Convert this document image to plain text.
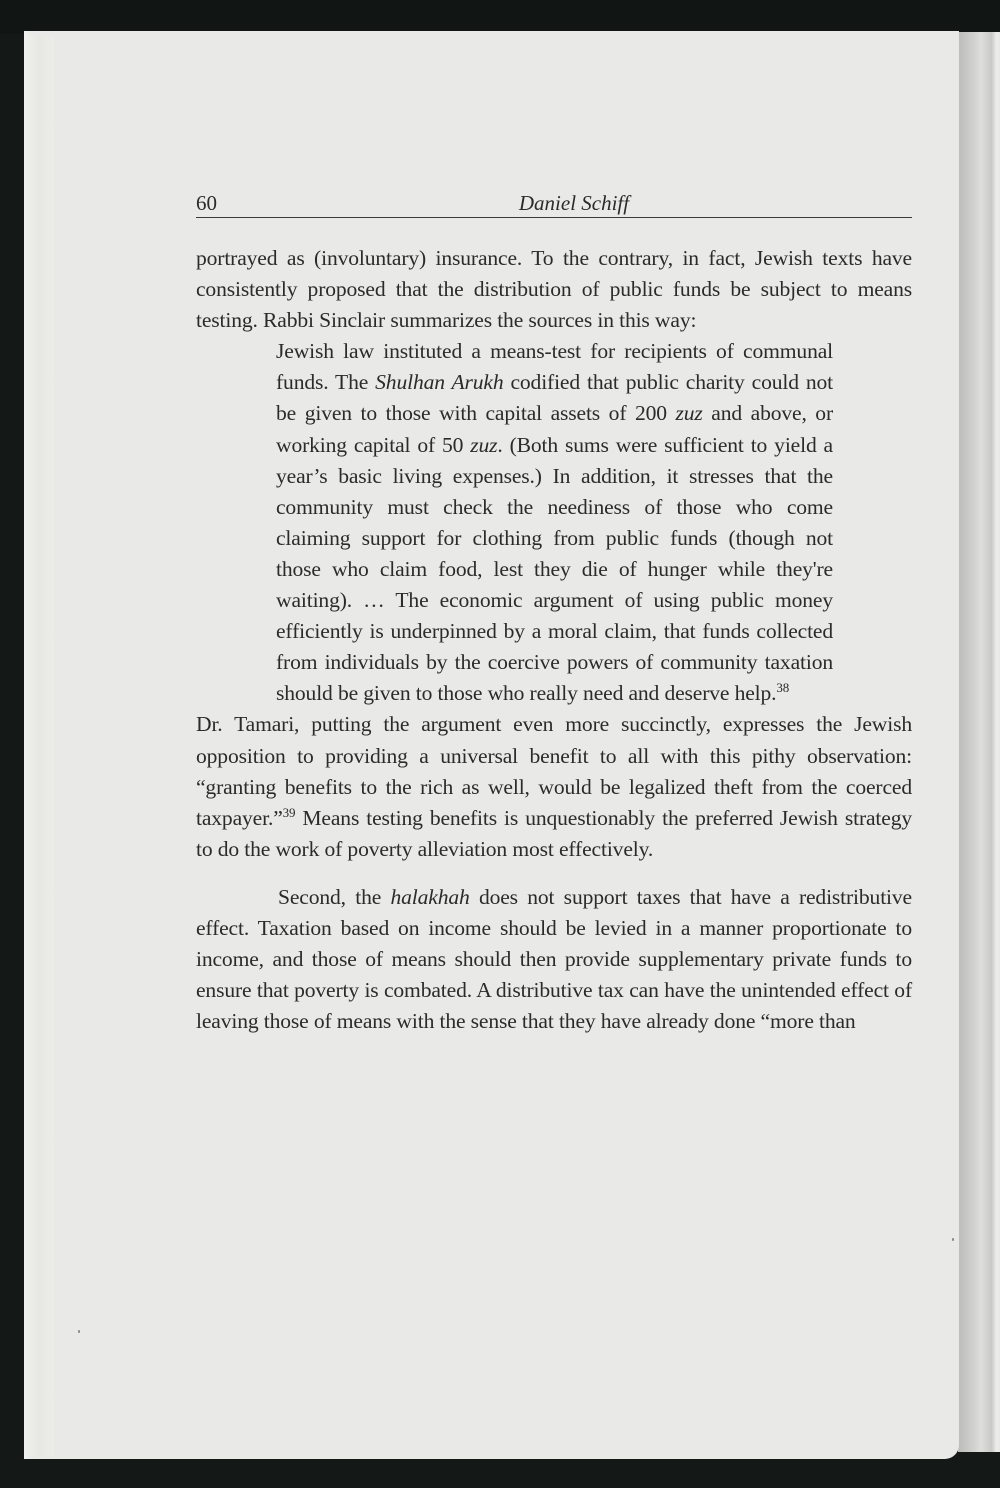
60	Daniel Schiff

portrayed as (involuntary) insurance. To the contrary, in fact, Jewish texts have consistently proposed that the distribution of public funds be subject to means testing. Rabbi Sinclair summarizes the sources in this way:

Jewish law instituted a means-test for recipients of communal funds. The Shulhan Arukh codified that public charity could not be given to those with capital assets of 200 zuz and above, or working capital of 50 zuz. (Both sums were sufficient to yield a year’s basic living expenses.) In addition, it stresses that the community must check the neediness of those who come claiming support for clothing from public funds (though not those who claim food, lest they die of hunger while they're waiting). … The economic argument of using public money efficiently is underpinned by a moral claim, that funds collected from individuals by the coercive powers of community taxation should be given to those who really need and deserve help.$^{38}$

Dr. Tamari, putting the argument even more succinctly, expresses the Jewish opposition to providing a universal benefit to all with this pithy observation: “granting benefits to the rich as well, would be legalized theft from the coerced taxpayer.”$^{39}$ Means testing benefits is unquestionably the preferred Jewish strategy to do the work of poverty alleviation most effectively.

Second, the halakhah does not support taxes that have a redistributive effect. Taxation based on income should be levied in a manner proportionate to income, and those of means should then provide supplementary private funds to ensure that poverty is combated. A distributive tax can have the unintended effect of leaving those of means with the sense that they have already done “more than
